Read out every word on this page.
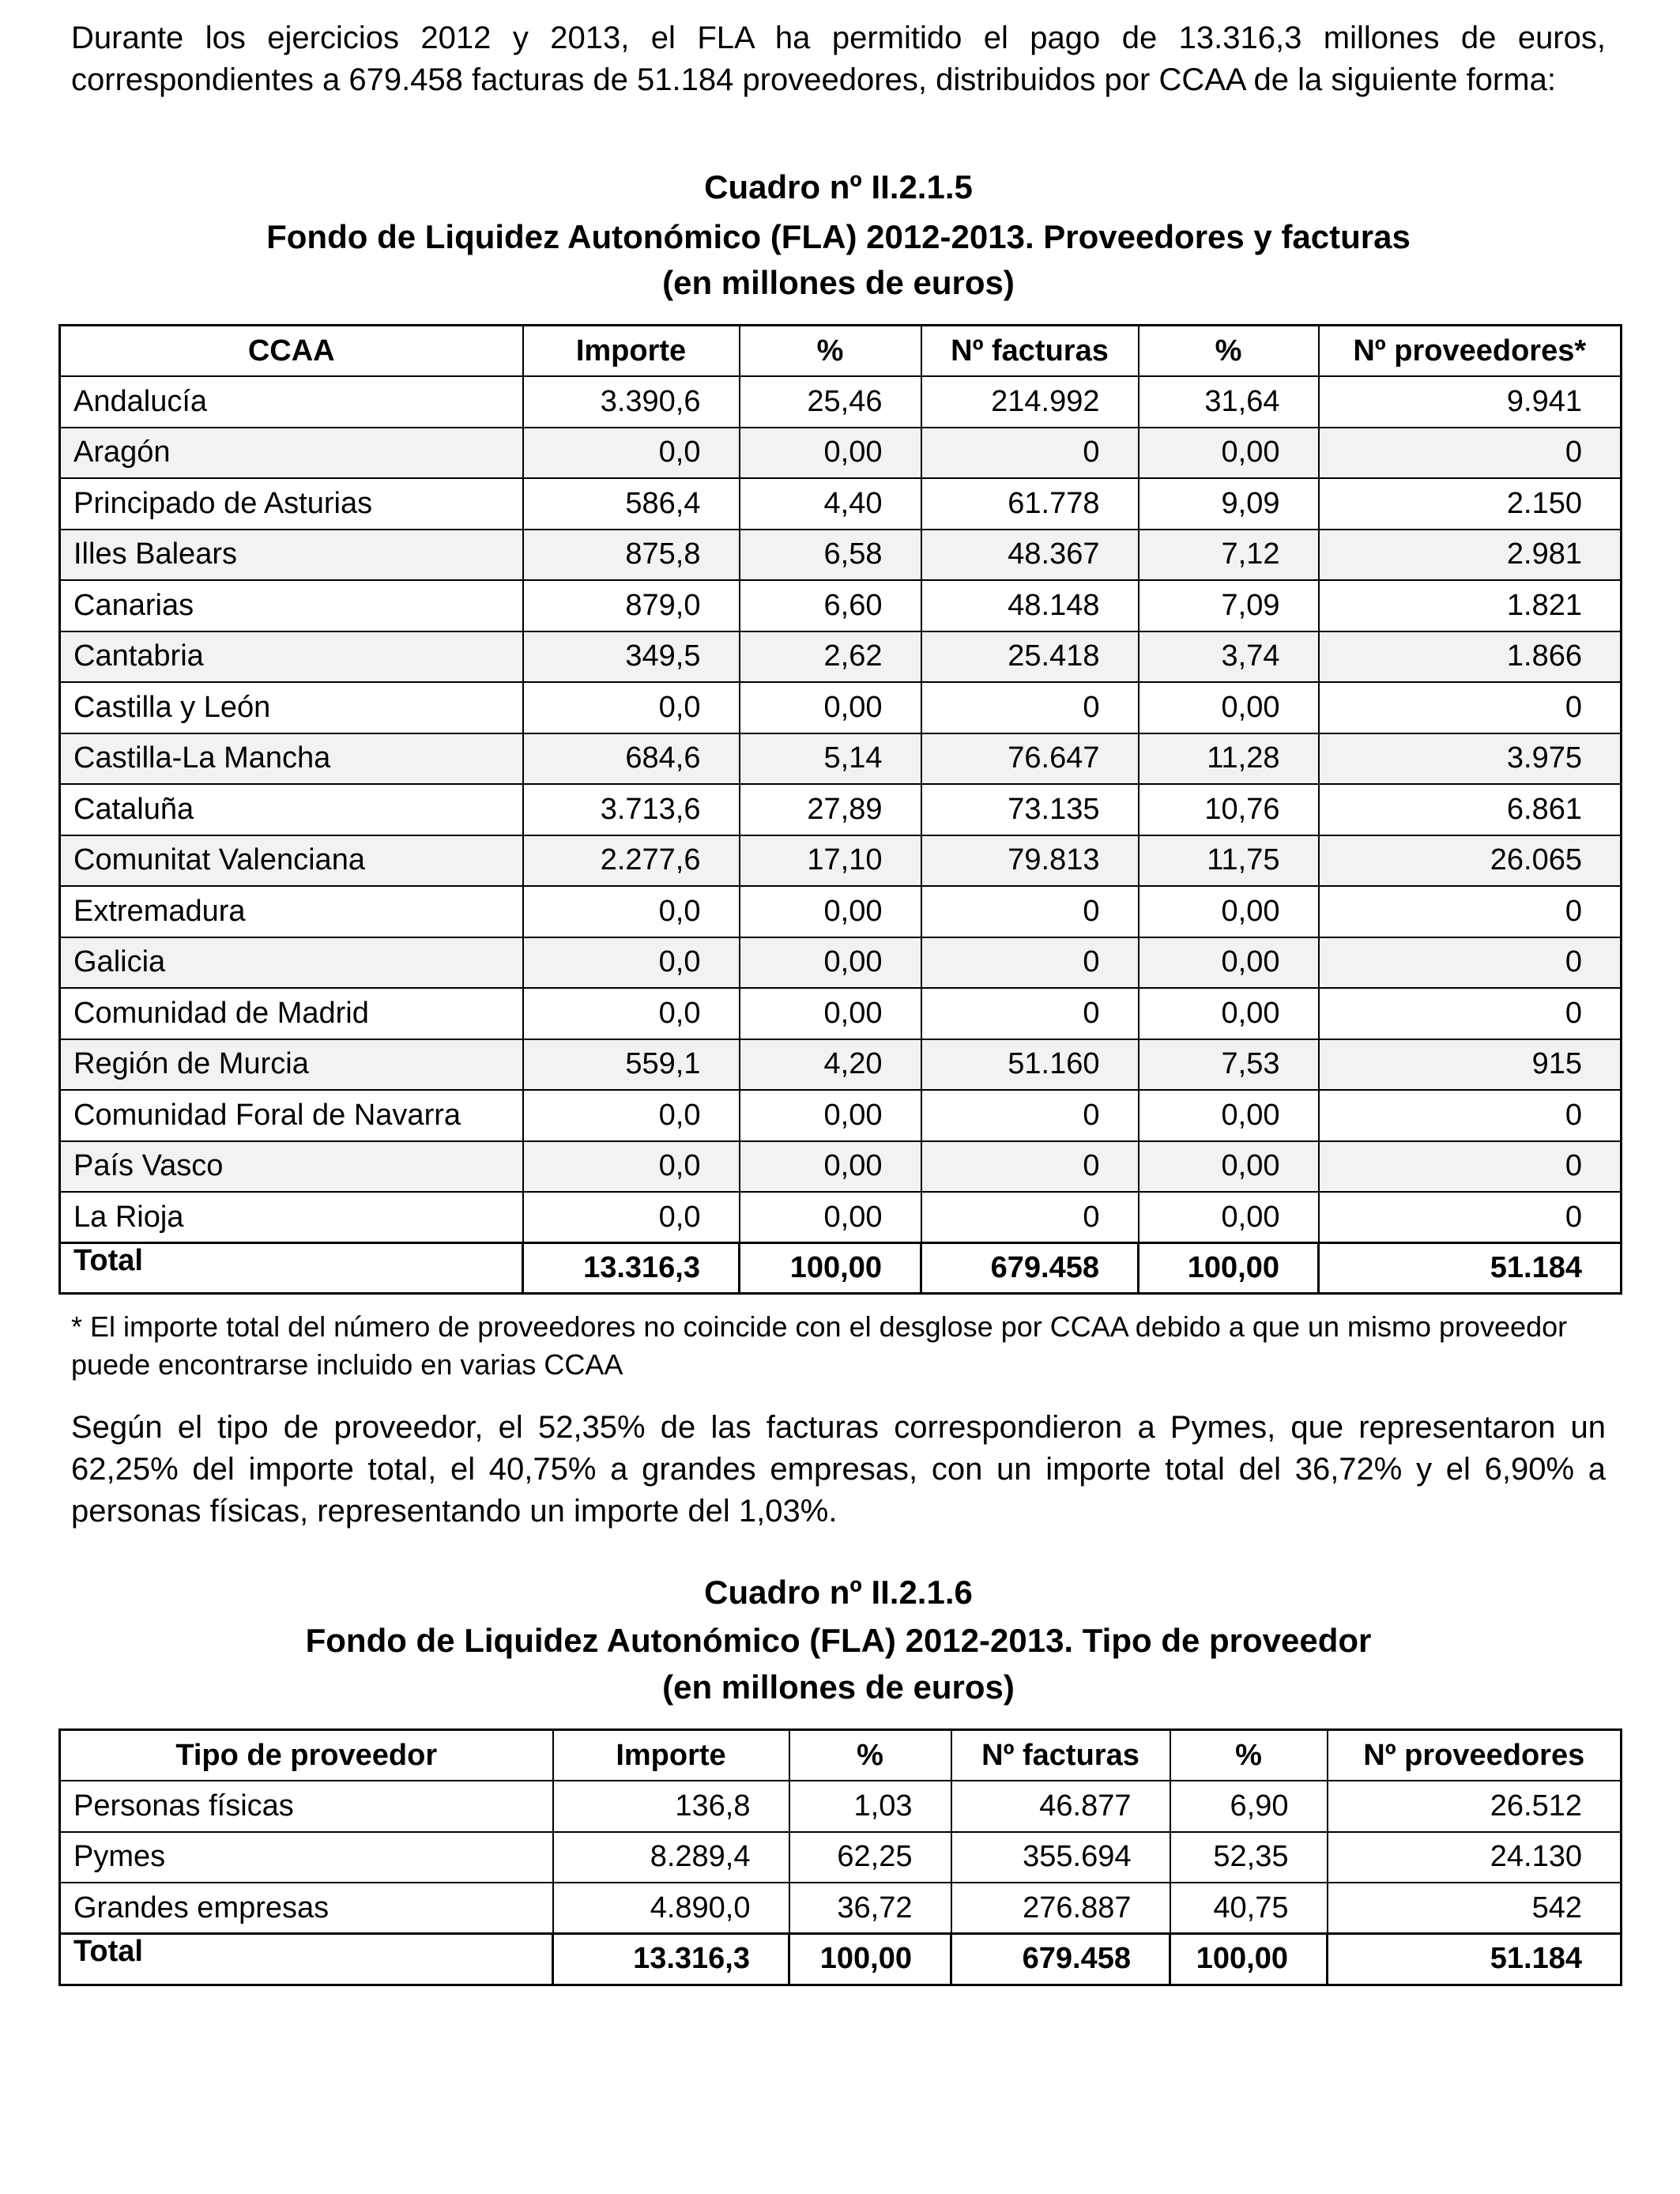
Durante los ejercicios 2012 y 2013, el FLA ha permitido el pago de 13.316,3 millones de euros, correspondientes a 679.458 facturas de 51.184 proveedores, distribuidos por CCAA de la siguiente forma:

Cuadro nº II.2.1.5

Fondo de Liquidez Autonómico (FLA) 2012-2013. Proveedores y facturas

(en millones de euros)

CCAA	Importe	%	Nº facturas	%	Nº proveedores*
Andalucía	3.390,6	25,46	214.992	31,64	9.941
Aragón	0,0	0,00	0	0,00	0
Principado de Asturias	586,4	4,40	61.778	9,09	2.150
Illes Balears	875,8	6,58	48.367	7,12	2.981
Canarias	879,0	6,60	48.148	7,09	1.821
Cantabria	349,5	2,62	25.418	3,74	1.866
Castilla y León	0,0	0,00	0	0,00	0
Castilla-La Mancha	684,6	5,14	76.647	11,28	3.975
Cataluña	3.713,6	27,89	73.135	10,76	6.861
Comunitat Valenciana	2.277,6	17,10	79.813	11,75	26.065
Extremadura	0,0	0,00	0	0,00	0
Galicia	0,0	0,00	0	0,00	0
Comunidad de Madrid	0,0	0,00	0	0,00	0
Región de Murcia	559,1	4,20	51.160	7,53	915
Comunidad Foral de Navarra	0,0	0,00	0	0,00	0
País Vasco	0,0	0,00	0	0,00	0
La Rioja	0,0	0,00	0	0,00	0
Total	13.316,3	100,00	679.458	100,00	51.184

* El importe total del número de proveedores no coincide con el desglose por CCAA debido a que un mismo proveedor puede encontrarse incluido en varias CCAA

Según el tipo de proveedor, el 52,35% de las facturas correspondieron a Pymes, que representaron un 62,25% del importe total, el 40,75% a grandes empresas, con un importe total del 36,72% y el 6,90% a personas físicas, representando un importe del 1,03%.

Cuadro nº II.2.1.6

Fondo de Liquidez Autonómico (FLA) 2012-2013. Tipo de proveedor

(en millones de euros)

Tipo de proveedor	Importe	%	Nº facturas	%	Nº proveedores
Personas físicas	136,8	1,03	46.877	6,90	26.512
Pymes	8.289,4	62,25	355.694	52,35	24.130
Grandes empresas	4.890,0	36,72	276.887	40,75	542
Total	13.316,3	100,00	679.458	100,00	51.184
